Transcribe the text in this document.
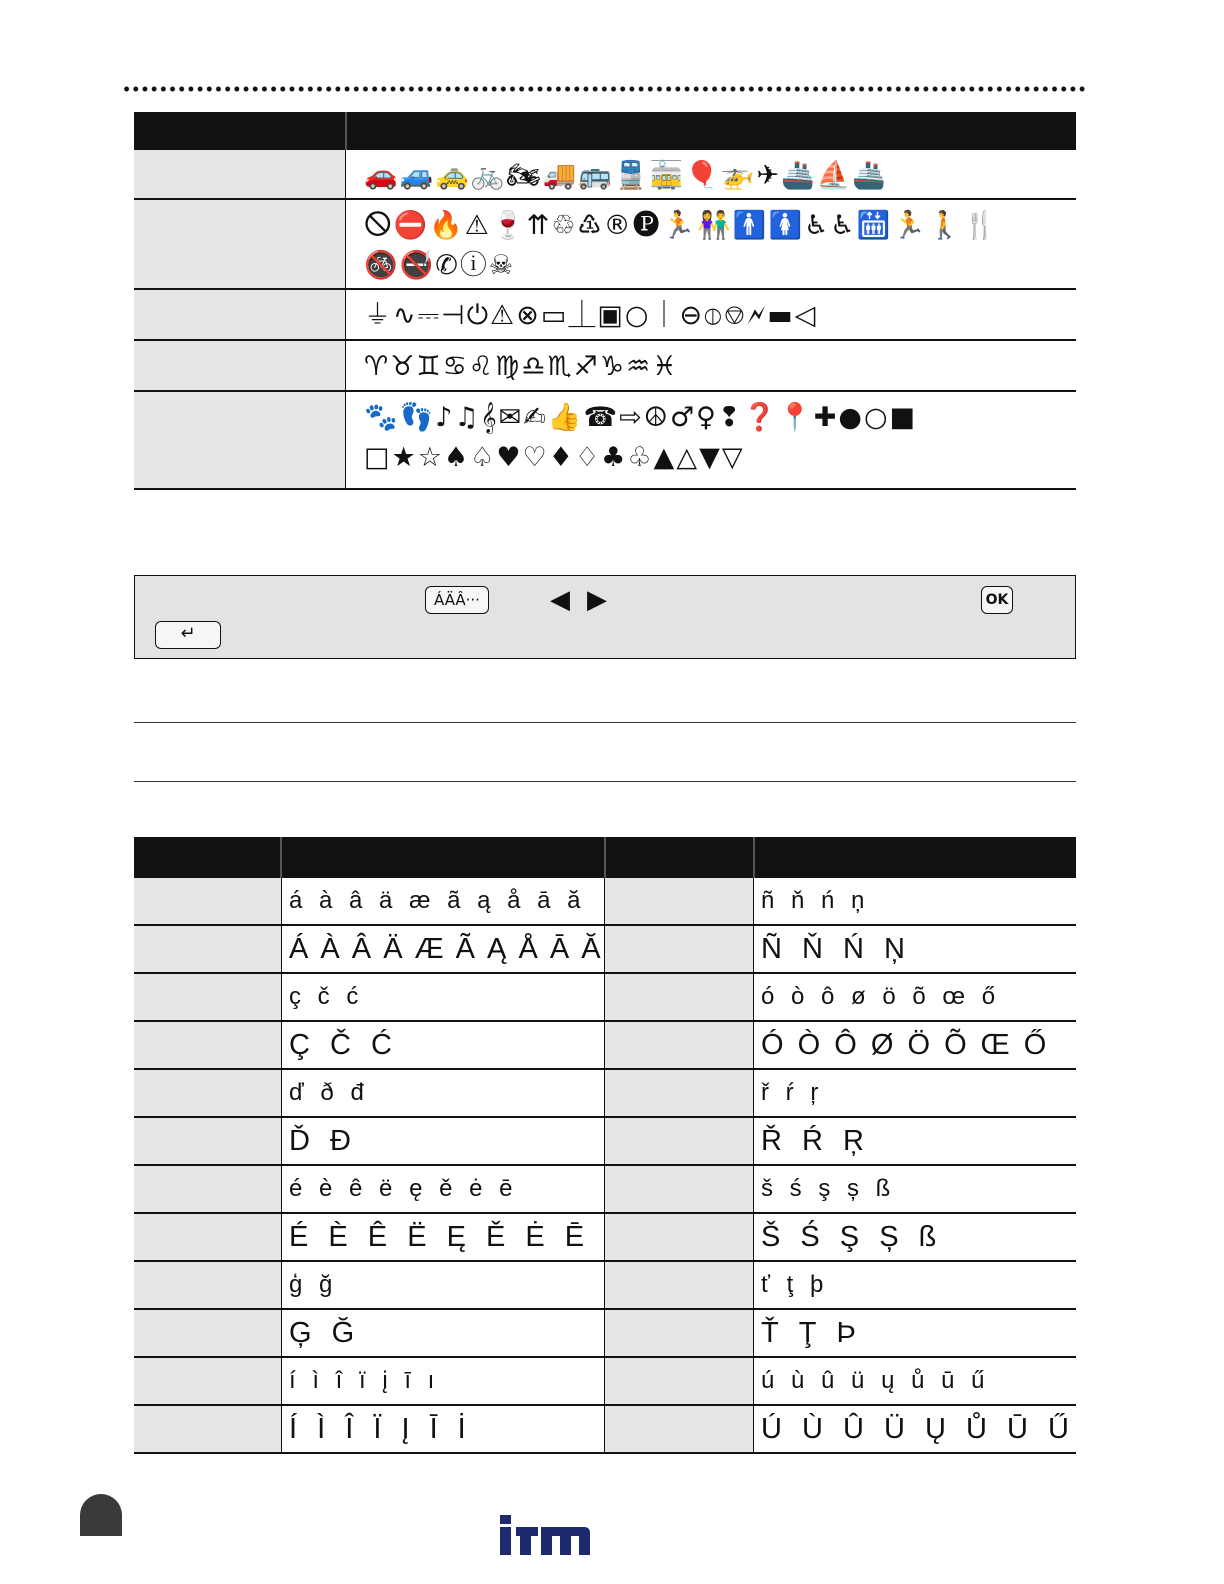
🚗🚙🚕🚲🏍🚚🚌🚆🚋🎈🚁✈🚢⛵🚢
🛇⛔🔥⚠🍷⇈♲♳®🅟🏃👫🚹🚺♿♿🛗🏃🚶🍴
🚳🚭✆ⓘ☠
⏚∿⎓⊣⏻⚠⊗▭⏊▣○｜⊖⦶⎊🗲▬◁
♈♉♊♋♌♍♎♏♐♑♒♓
🐾👣♪♫𝄞✉✍👍☎⇨☮♂♀❢❓📍✚●○■
□★☆♠♤♥♡♦♢♣♧▲△▼▽
ÁÄÂ···	◀ ▶	OK
↵
á à â ä æ ã ą å ā ă	ñ ň ń ņ
Á À Â Ä Æ Ã Ą Å Ā Ă	Ñ Ň Ń Ņ
ç č ć	ó ò ô ø ö õ œ ő
Ç Č Ć	Ó Ò Ô Ø Ö Õ Œ Ő
ď ð đ	ř ŕ ŗ
Ď Đ	Ř Ŕ Ŗ
é è ê ë ę ě ė ē	š ś ş ș ß
É È Ê Ë Ę Ě Ė Ē	Š Ś Ş Ș ß
ģ ğ	ť ţ þ
Ģ Ğ	Ť Ţ Þ
í ì î ï į ī ı	ú ù û ü ų ů ū ű
Í Ì Î Ï Į Ī İ	Ú Ù Û Ü Ų Ů Ū Ű
